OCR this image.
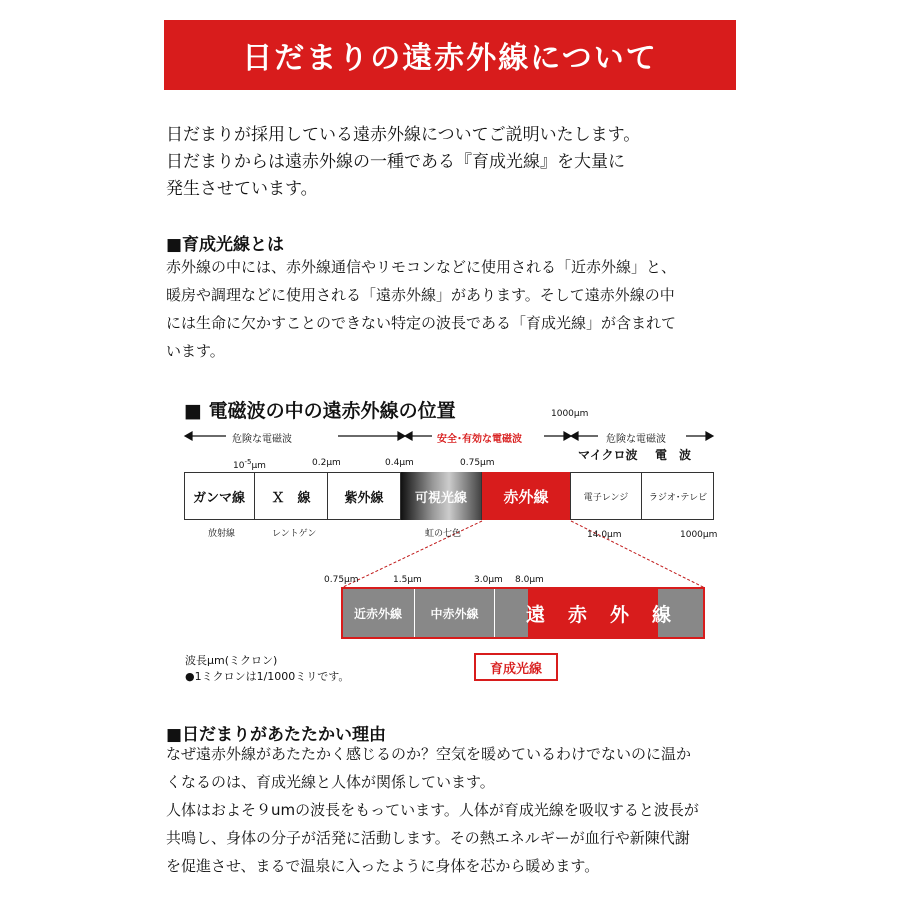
日だまりの遠赤外線について
日だまりが採用している遠赤外線についてご説明いたします。
日だまりからは遠赤外線の一種である『育成光線』を大量に
発生させています。
■育成光線とは
赤外線の中には、赤外線通信やリモコンなどに使用される「近赤外線」と、
暖房や調理などに使用される「遠赤外線」があります。そして遠赤外線の中
には生命に欠かすことのできない特定の波長である「育成光線」が含まれて
います。
■ 電磁波の中の遠赤外線の位置	1000μm
危険な電磁波	安全･有効な電磁波	危険な電磁波
マイクロ波 電　波
$10^{-5}\mu m$	0.2μm	0.4μm	0.75μm
ガンマ線	Ｘ　線	紫外線	可視光線	赤外線	電子レンジ	ラジオ･テレビ
放射線	レントゲン	虹の七色	14.0μm	1000μm
0.75μm	1.5μm	3.0μm 8.0μm
近赤外線	中赤外線	遠　赤　外　線
育成光線
波長μm(ミクロン)
●1ミクロンは1/1000ミリです。
■日だまりがあたたかい理由
なぜ遠赤外線があたたかく感じるのか？空気を暖めているわけでないのに温か
くなるのは、育成光線と人体が関係しています。
人体はおよそ９umの波長をもっています。人体が育成光線を吸収すると波長が
共鳴し、身体の分子が活発に活動します。その熱エネルギーが血行や新陳代謝
を促進させ、まるで温泉に入ったように身体を芯から暖めます。
